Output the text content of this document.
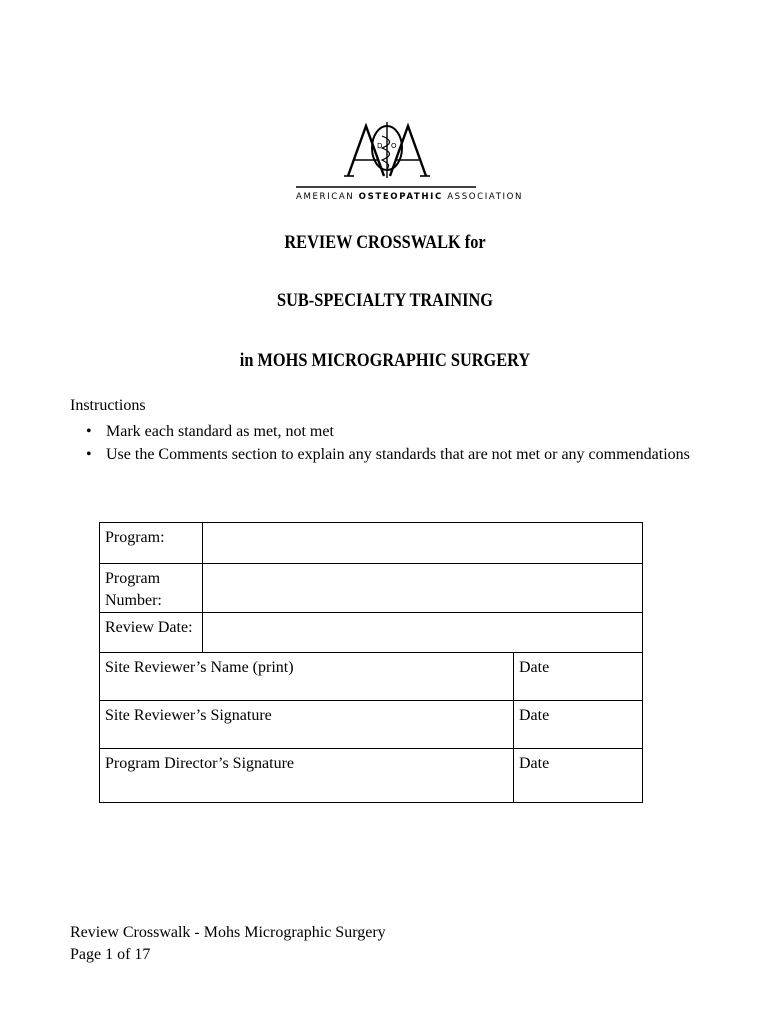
D O
AMERICAN OSTEOPATHIC ASSOCIATION
REVIEW CROSSWALK for
SUB-SPECIALTY TRAINING
in MOHS MICROGRAPHIC SURGERY
Instructions
• Mark each standard as met, not met
• Use the Comments section to explain any standards that are not met or any commendations
Program:		
Program Number:		
Review Date:		
Site Reviewer’s Name (print)		Date
Site Reviewer’s Signature		Date
Program Director’s Signature		Date
Review Crosswalk - Mohs Micrographic Surgery
Page 1 of 17
